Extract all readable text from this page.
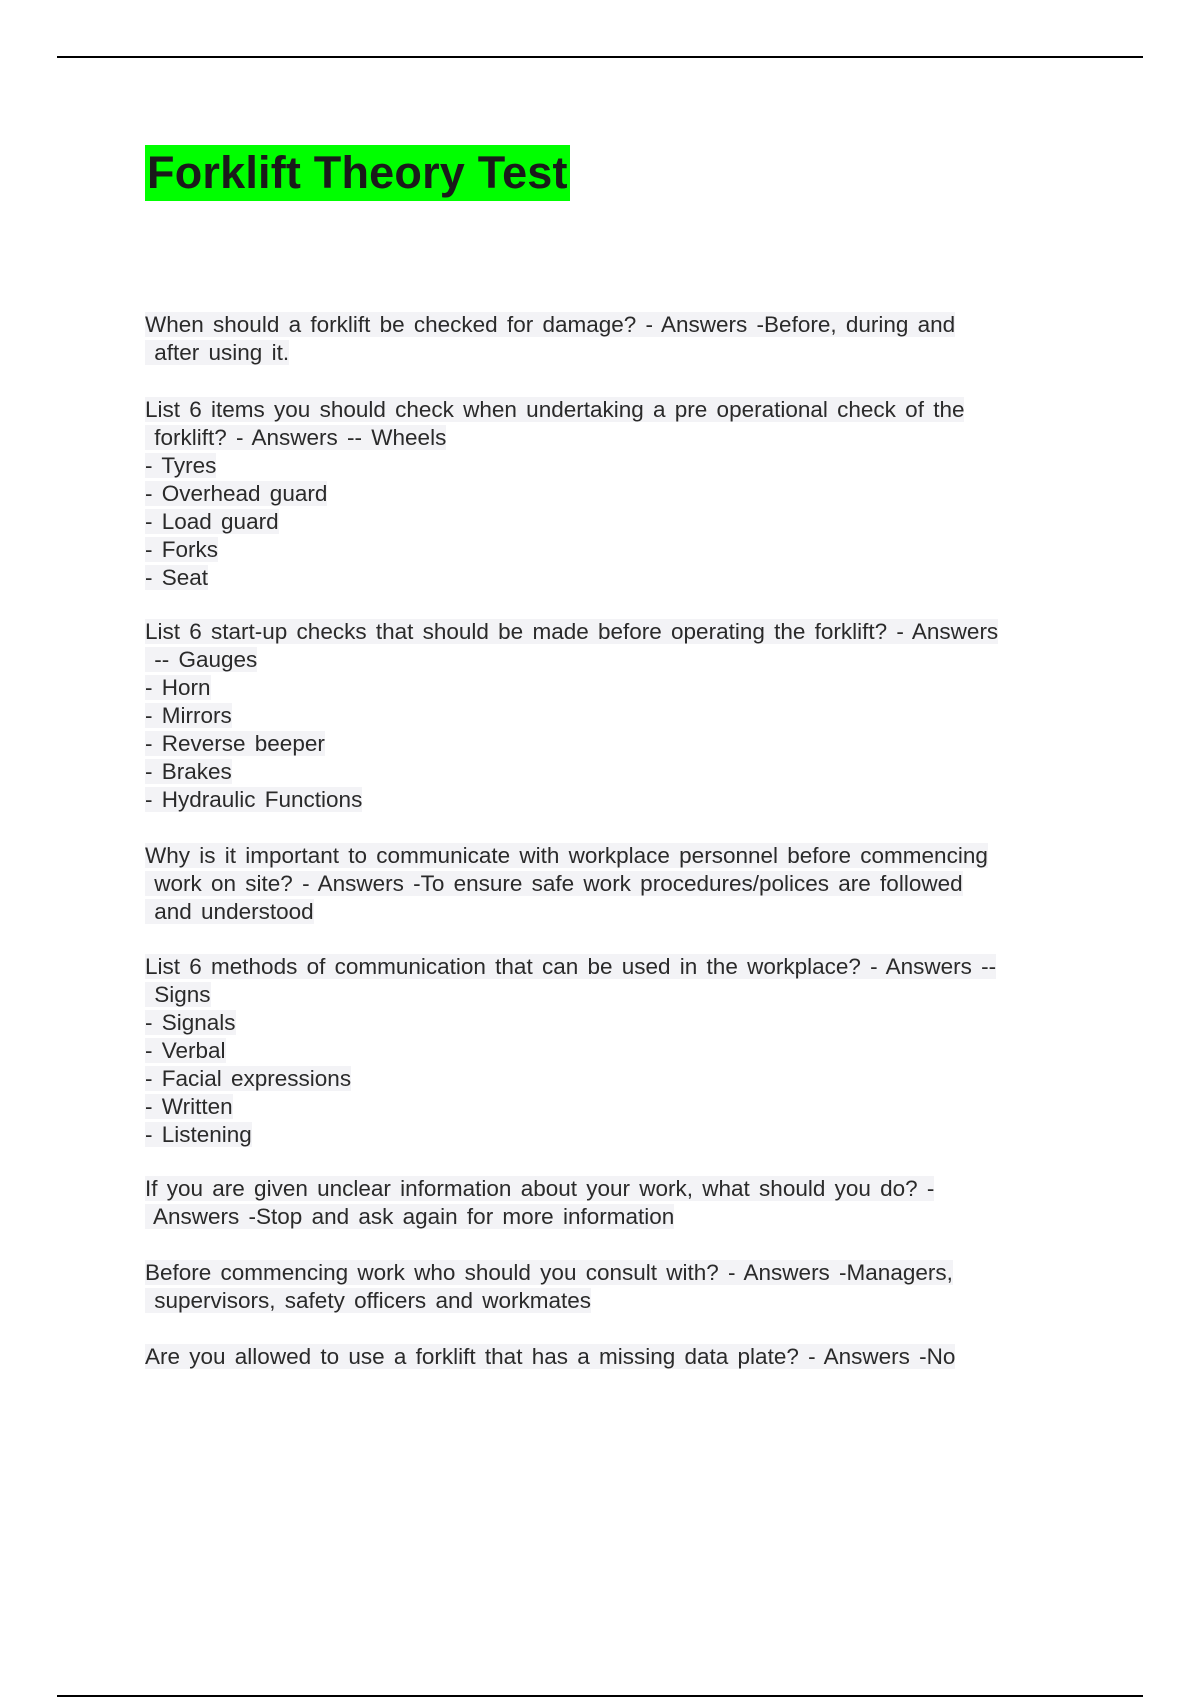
Forklift Theory Test
When should a forklift be checked for damage? - Answers -Before, during and
after using it.
List 6 items you should check when undertaking a pre operational check of the
forklift? - Answers -- Wheels
- Tyres
- Overhead guard
- Load guard
- Forks
- Seat
List 6 start-up checks that should be made before operating the forklift? - Answers
-- Gauges
- Horn
- Mirrors
- Reverse beeper
- Brakes
- Hydraulic Functions
Why is it important to communicate with workplace personnel before commencing
work on site? - Answers -To ensure safe work procedures/polices are followed
and understood
List 6 methods of communication that can be used in the workplace? - Answers --
Signs
- Signals
- Verbal
- Facial expressions
- Written
- Listening
If you are given unclear information about your work, what should you do? -
Answers -Stop and ask again for more information
Before commencing work who should you consult with? - Answers -Managers,
supervisors, safety officers and workmates
Are you allowed to use a forklift that has a missing data plate? - Answers -No
